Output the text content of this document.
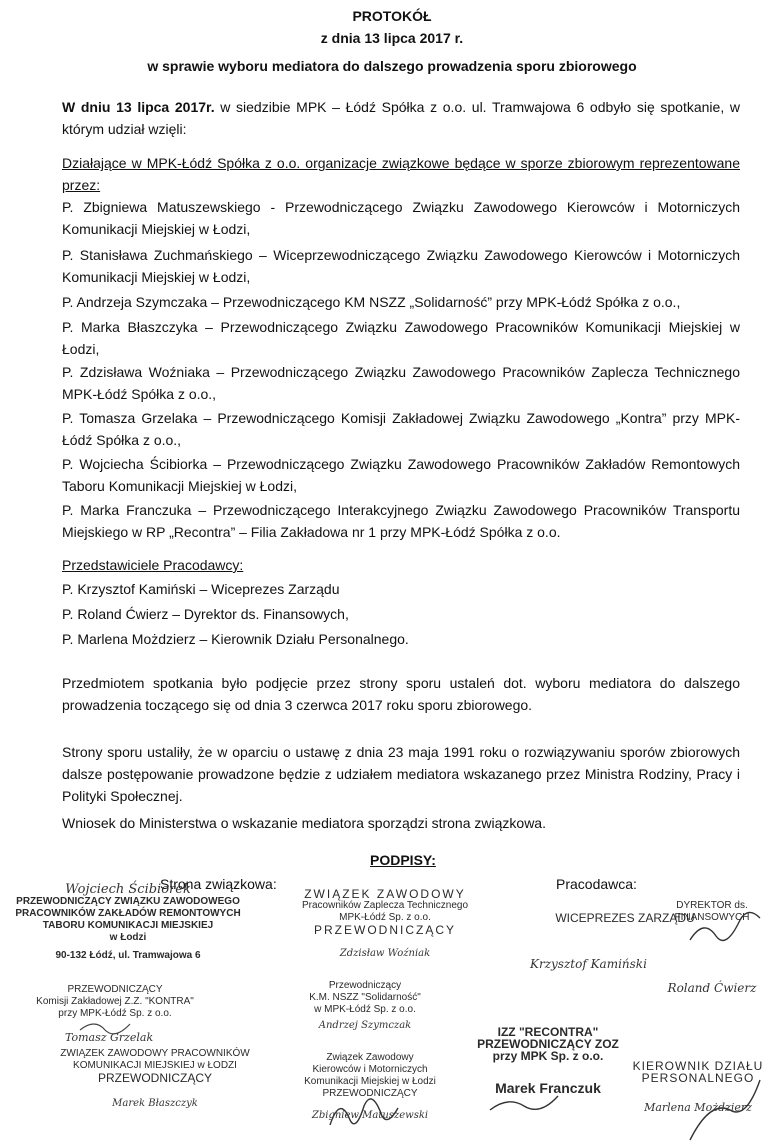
PROTOKÓŁ
z dnia 13 lipca 2017 r.
w sprawie wyboru mediatora do dalszego prowadzenia sporu zbiorowego
W dniu 13 lipca 2017r. w siedzibie MPK – Łódź Spółka z o.o. ul. Tramwajowa 6 odbyło się spotkanie, w którym udział wzięli:
Działające w MPK-Łódź Spółka z o.o. organizacje związkowe będące w sporze zbiorowym reprezentowane przez:
P. Zbigniewa Matuszewskiego - Przewodniczącego Związku Zawodowego Kierowców i Motorniczych Komunikacji Miejskiej w Łodzi,
P. Stanisława Zuchmańskiego – Wiceprzewodniczącego Związku Zawodowego Kierowców i Motorniczych Komunikacji Miejskiej w Łodzi,
P. Andrzeja Szymczaka – Przewodniczącego KM NSZZ „Solidarność” przy MPK-Łódź Spółka z o.o.,
P. Marka Błaszczyka – Przewodniczącego Związku Zawodowego Pracowników Komunikacji Miejskiej w Łodzi,
P. Zdzisława Woźniaka – Przewodniczącego Związku Zawodowego Pracowników Zaplecza Technicznego MPK-Łódź Spółka z o.o.,
P. Tomasza Grzelaka – Przewodniczącego Komisji Zakładowej Związku Zawodowego „Kontra” przy MPK-Łódź Spółka z o.o.,
P. Wojciecha Ścibiorka – Przewodniczącego Związku Zawodowego Pracowników Zakładów Remontowych Taboru Komunikacji Miejskiej w Łodzi,
P. Marka Franczuka – Przewodniczącego Interakcyjnego Związku Zawodowego Pracowników Transportu Miejskiego w RP „Recontra” – Filia Zakładowa nr 1 przy MPK-Łódź Spółka z o.o.
Przedstawiciele Pracodawcy:
P. Krzysztof Kamiński – Wiceprezes Zarządu
P. Roland Ćwierz – Dyrektor ds. Finansowych,
P. Marlena Możdzierz – Kierownik Działu Personalnego.
Przedmiotem spotkania było podjęcie przez strony sporu ustaleń dot. wyboru mediatora do dalszego prowadzenia toczącego się od dnia 3 czerwca 2017 roku sporu zbiorowego.
Strony sporu ustaliły, że w oparciu o ustawę z dnia 23 maja 1991 roku o rozwiązywaniu sporów zbiorowych dalsze postępowanie prowadzone będzie z udziałem mediatora wskazanego przez Ministra Rodziny, Pracy i Polityki Społecznej.
Wniosek do Ministerstwa o wskazanie mediatora sporządzi strona związkowa.
PODPISY:
Strona związkowa:	Pracodawca:
Wojciech Ścibiorek
PRZEWODNICZĄCY ZWIĄZKU ZAWODOWEGO
PRACOWNIKÓW ZAKŁADÓW REMONTOWYCH
TABORU KOMUNIKACJI MIEJSKIEJ
w Łodzi
90-132 Łódź, ul. Tramwajowa 6
PRZEWODNICZĄCY
Komisji Zakładowej Z.Z. "KONTRA"
przy MPK-Łódź Sp. z o.o.
Tomasz Grzelak
ZWIĄZEK ZAWODOWY PRACOWNIKÓW
KOMUNIKACJI MIEJSKIEJ w ŁODZI
PRZEWODNICZĄCY
Marek Błaszczyk
ZWIĄZEK ZAWODOWY
Pracowników Zaplecza Technicznego
MPK-Łódź Sp. z o.o.
PRZEWODNICZĄCY
Zdzisław Woźniak
Przewodniczący
K.M. NSZZ "Solidarność"
w MPK-Łódź Sp. z o.o.
Andrzej Szymczak
Związek Zawodowy
Kierowców i Motorniczych
Komunikacji Miejskiej w Łodzi
PRZEWODNICZĄCY
Zbigniew Matuszewski
IZZ "RECONTRA"
PRZEWODNICZĄCY ZOZ
przy MPK Sp. z o.o.
Marek Franczuk
WICEPREZES ZARZĄDU
Krzysztof Kamiński
DYREKTOR ds. FINANSOWYCH
Roland Ćwierz
KIEROWNIK DZIAŁU
PERSONALNEGO
Marlena Możdzierz
